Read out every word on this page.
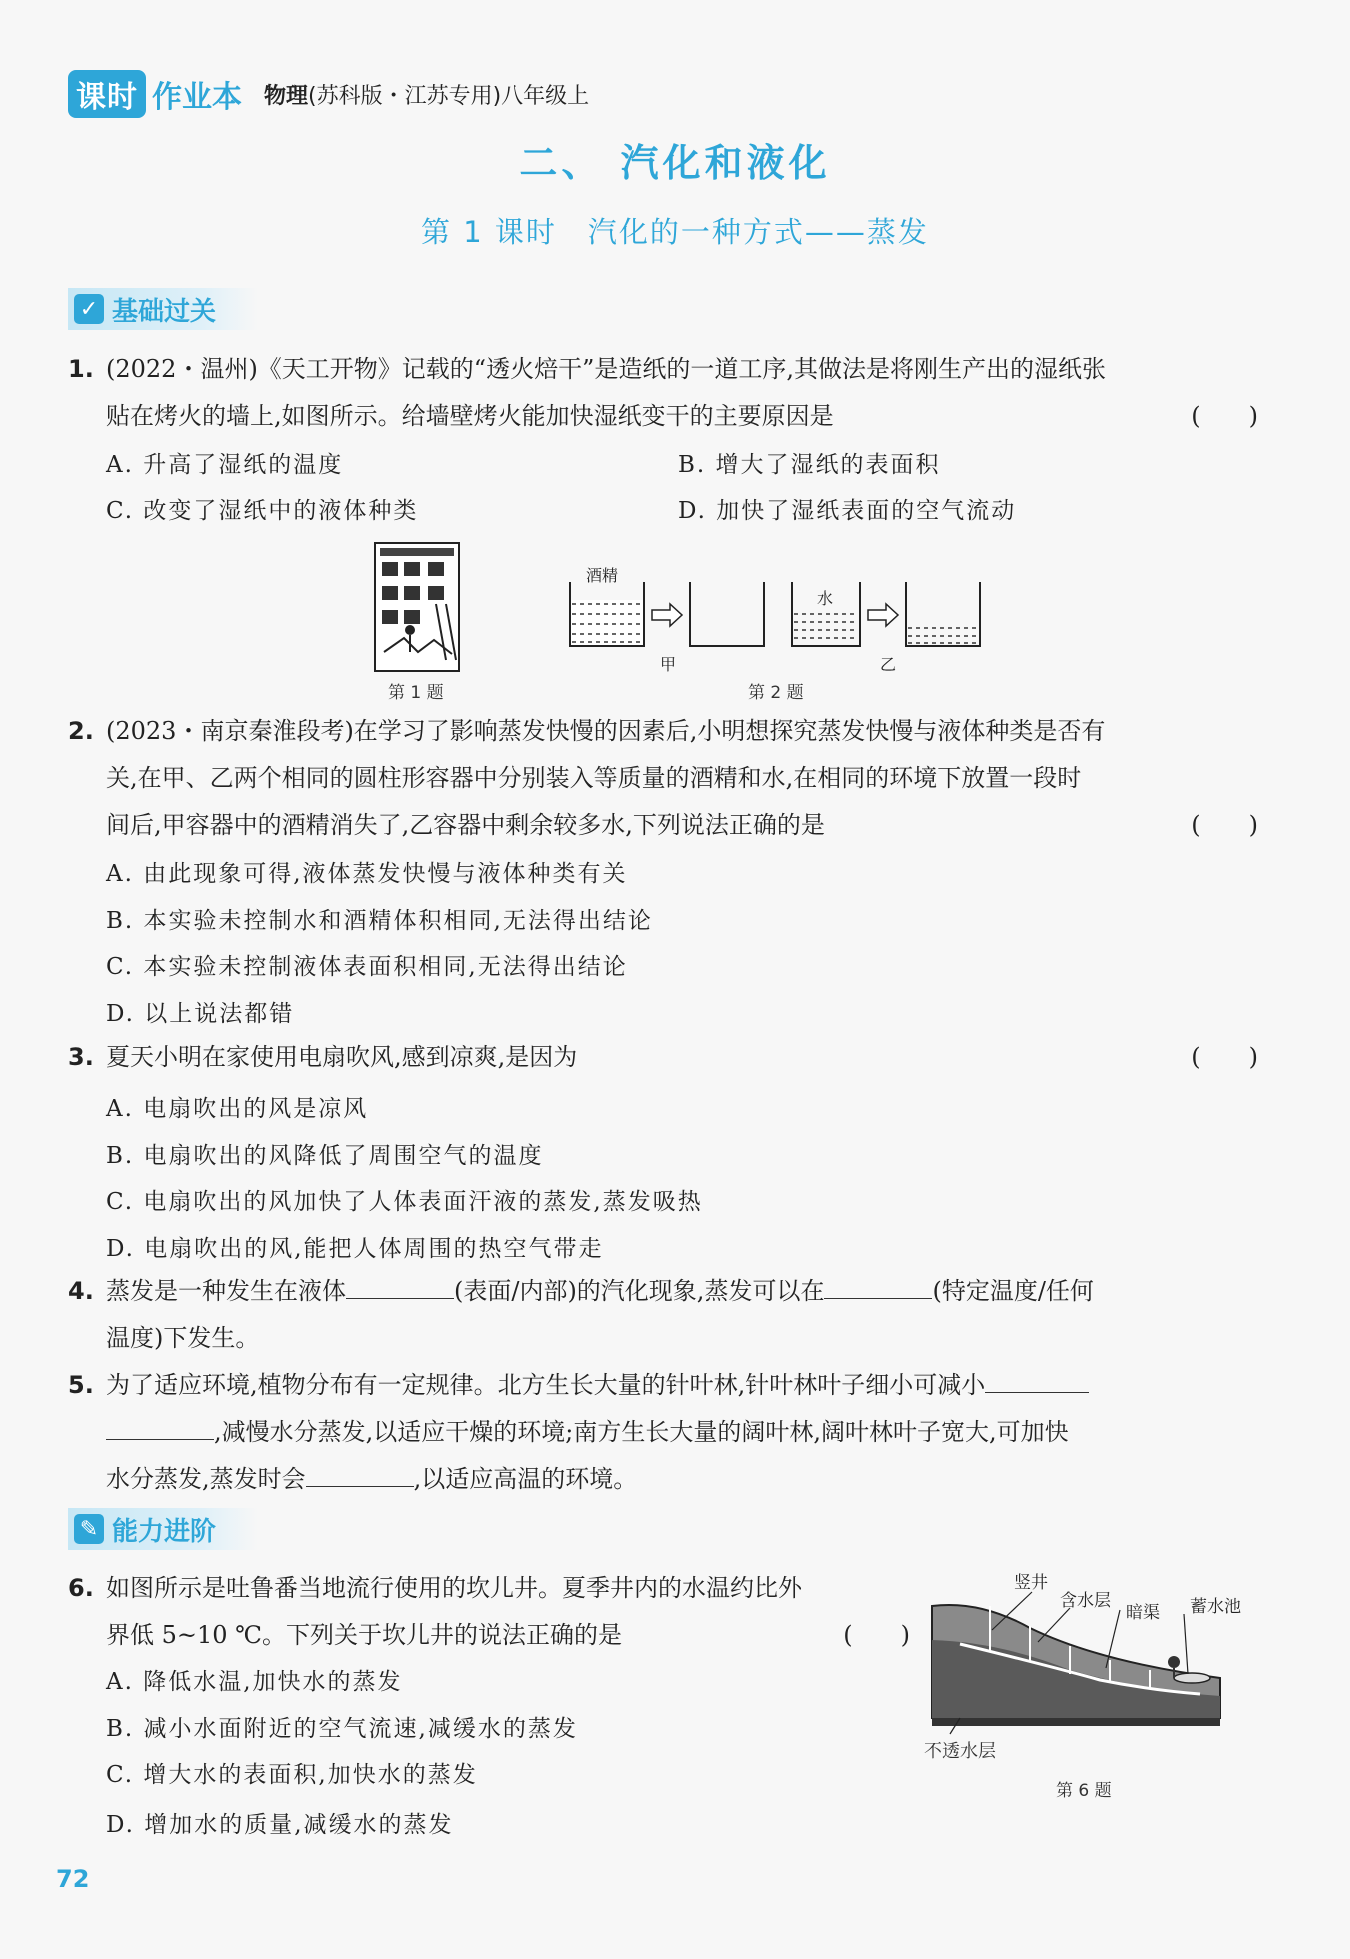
课时 作业本 物理(苏科版・江苏专用)八年级上
二、 汽化和液化
第 1 课时　汽化的一种方式——蒸发
✓ 基础过关
1. (2022・温州)《天工开物》记载的“透火焙干”是造纸的一道工序,其做法是将刚生产出的湿纸张
贴在烤火的墙上,如图所示。给墙壁烤火能加快湿纸变干的主要原因是	(　　)
A. 升高了湿纸的温度	B. 增大了湿纸的表面积
C. 改变了湿纸中的液体种类	D. 加快了湿纸表面的空气流动
第 1 题
酒精
甲
水
乙
第 2 题
2. (2023・南京秦淮段考)在学习了影响蒸发快慢的因素后,小明想探究蒸发快慢与液体种类是否有
关,在甲、乙两个相同的圆柱形容器中分别装入等质量的酒精和水,在相同的环境下放置一段时
间后,甲容器中的酒精消失了,乙容器中剩余较多水,下列说法正确的是	(　　)
A. 由此现象可得,液体蒸发快慢与液体种类有关
B. 本实验未控制水和酒精体积相同,无法得出结论
C. 本实验未控制液体表面积相同,无法得出结论
D. 以上说法都错
3. 夏天小明在家使用电扇吹风,感到凉爽,是因为	(　　)
A. 电扇吹出的风是凉风
B. 电扇吹出的风降低了周围空气的温度
C. 电扇吹出的风加快了人体表面汗液的蒸发,蒸发吸热
D. 电扇吹出的风,能把人体周围的热空气带走
4. 蒸发是一种发生在液体	(表面/内部)的汽化现象,蒸发可以在	(特定温度/任何
温度)下发生。
5. 为了适应环境,植物分布有一定规律。北方生长大量的针叶林,针叶林叶子细小可减小
,减慢水分蒸发,以适应干燥的环境;南方生长大量的阔叶林,阔叶林叶子宽大,可加快
水分蒸发,蒸发时会	,以适应高温的环境。
✎ 能力进阶
6. 如图所示是吐鲁番当地流行使用的坎儿井。夏季井内的水温约比外
界低 5~10 ℃。下列关于坎儿井的说法正确的是	(　　)
A. 降低水温,加快水的蒸发
B. 减小水面附近的空气流速,减缓水的蒸发
C. 增大水的表面积,加快水的蒸发
D. 增加水的质量,减缓水的蒸发
竖井
含水层
暗渠 蓄水池
不透水层
第 6 题
72
